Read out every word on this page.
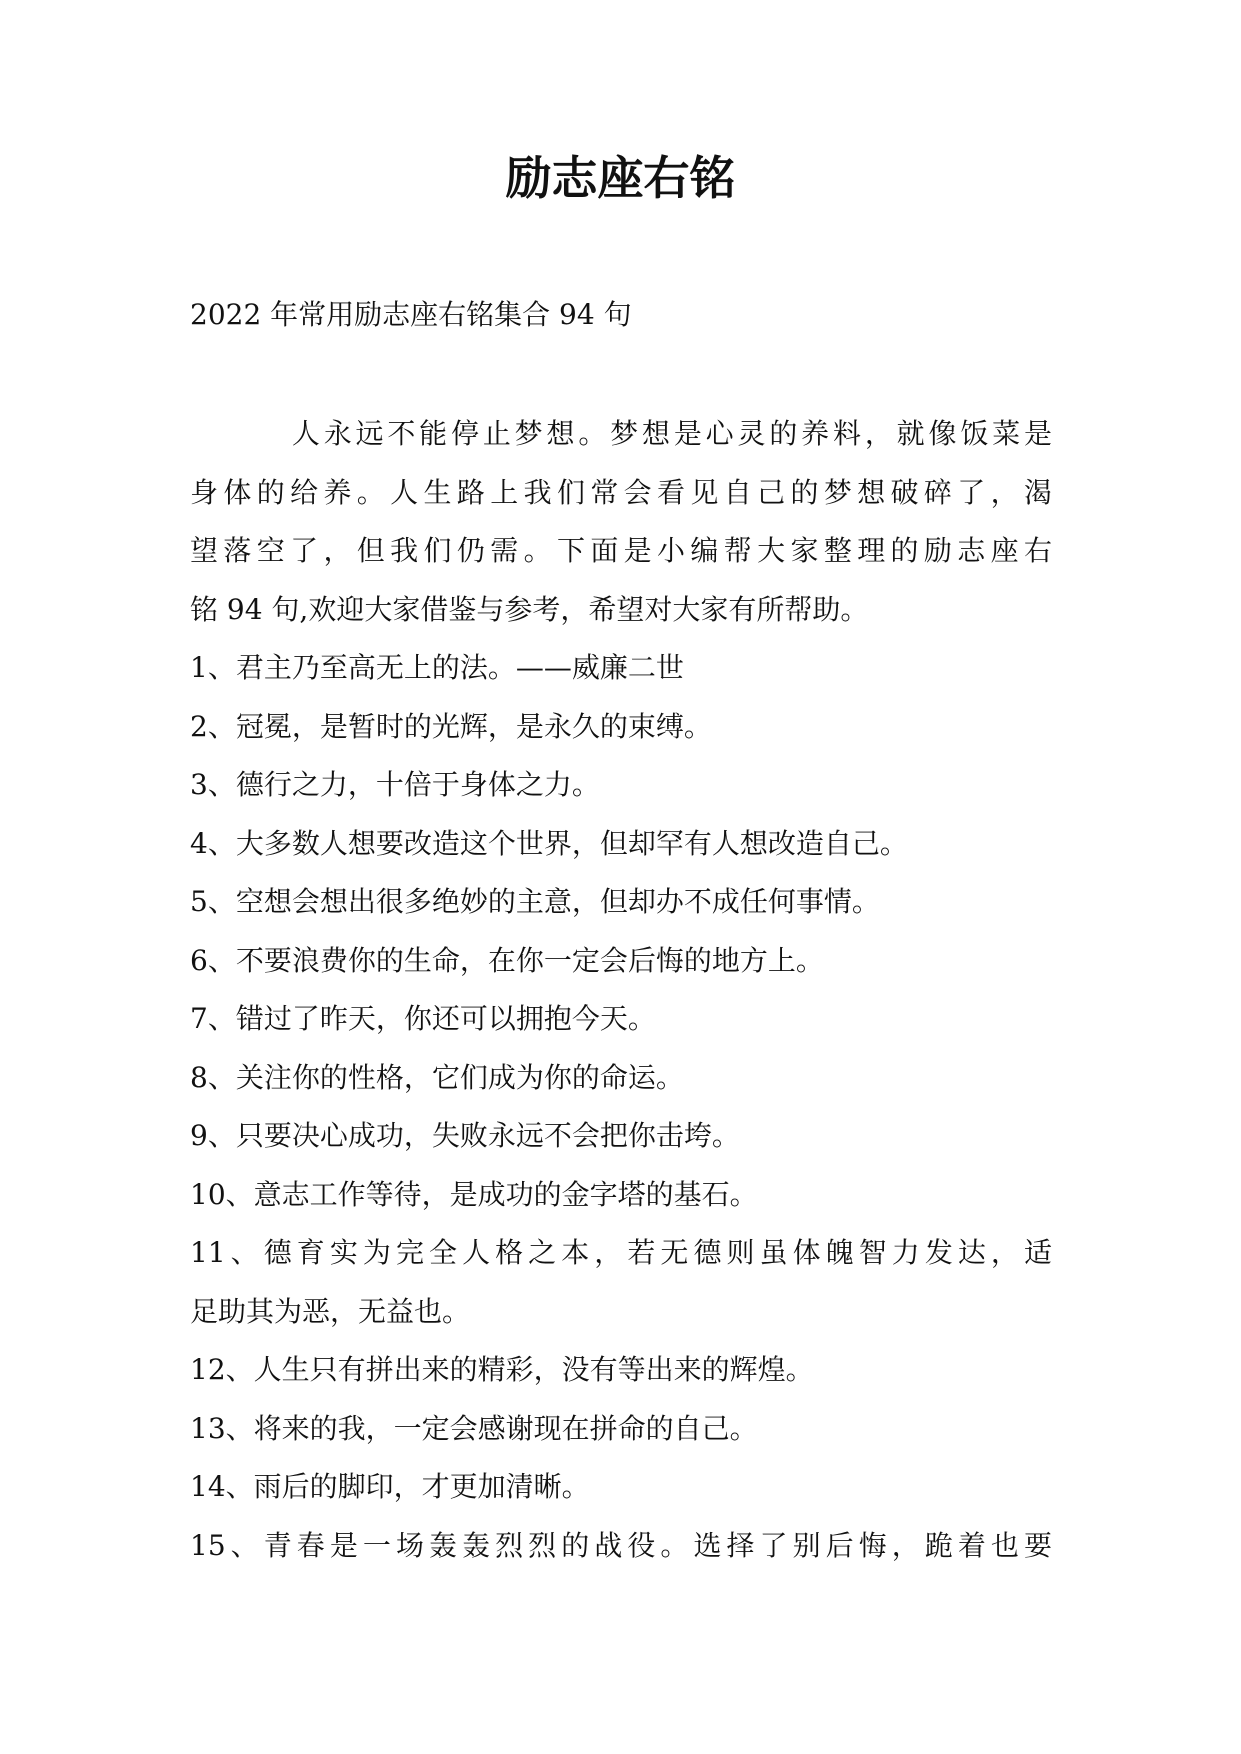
励志座右铭
2022 年常用励志座右铭集合 94 句
人永远不能停止梦想。梦想是心灵的养料，就像饭菜是
身体的给养。人生路上我们常会看见自己的梦想破碎了，渴
望落空了，但我们仍需。下面是小编帮大家整理的励志座右
铭 94 句,欢迎大家借鉴与参考，希望对大家有所帮助。
1、君主乃至高无上的法。——威廉二世
2、冠冕，是暂时的光辉，是永久的束缚。
3、德行之力，十倍于身体之力。
4、大多数人想要改造这个世界，但却罕有人想改造自己。
5、空想会想出很多绝妙的主意，但却办不成任何事情。
6、不要浪费你的生命，在你一定会后悔的地方上。
7、错过了昨天，你还可以拥抱今天。
8、关注你的性格，它们成为你的命运。
9、只要决心成功，失败永远不会把你击垮。
10、意志工作等待，是成功的金字塔的基石。
11、德育实为完全人格之本，若无德则虽体魄智力发达，适
足助其为恶，无益也。
12、人生只有拼出来的精彩，没有等出来的辉煌。
13、将来的我，一定会感谢现在拼命的自己。
14、雨后的脚印，才更加清晰。
15、青春是一场轰轰烈烈的战役。选择了别后悔，跪着也要
